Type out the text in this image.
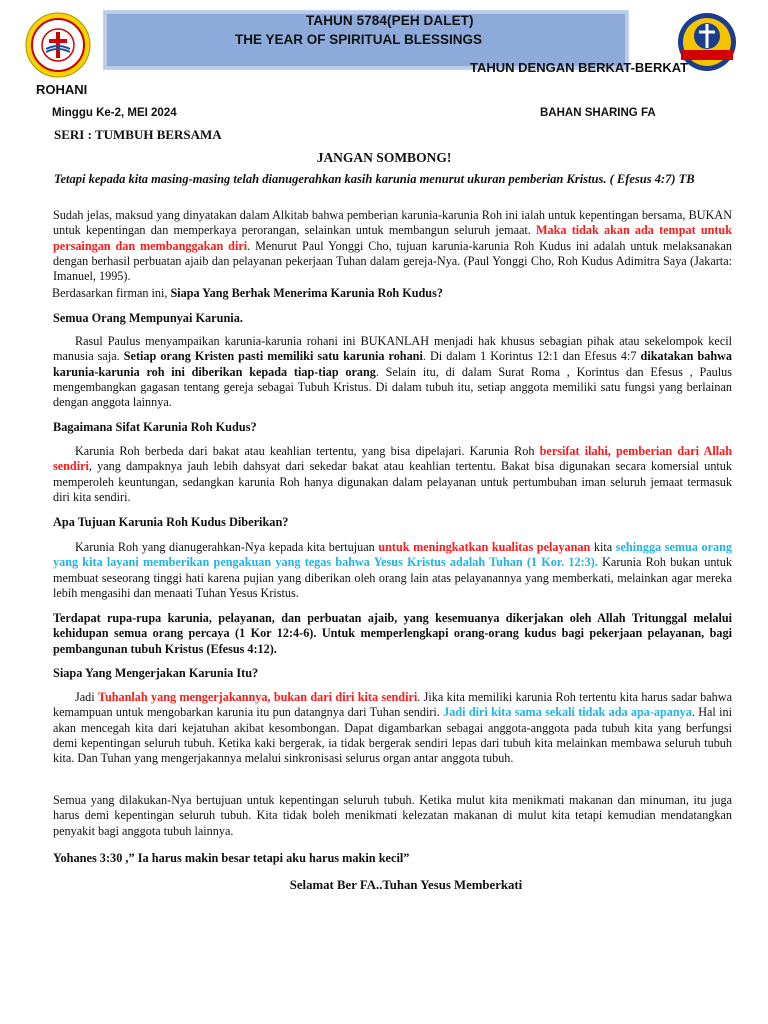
TAHUN 5784(PEH DALET)
THE YEAR OF SPIRITUAL BLESSINGS
TAHUN DENGAN BERKAT-BERKAT
ROHANI
Minggu Ke-2, MEI 2024	BAHAN SHARING FA
SERI : TUMBUH BERSAMA
JANGAN SOMBONG!
Tetapi kepada kita masing-masing telah dianugerahkan kasih karunia menurut ukuran pemberian Kristus. ( Efesus 4:7) TB
Sudah jelas, maksud yang dinyatakan dalam Alkitab bahwa pemberian karunia-karunia Roh ini ialah untuk kepentingan bersama, BUKAN untuk kepentingan dan memperkaya perorangan, selainkan untuk membangun seluruh jemaat. Maka tidak akan ada tempat untuk persaingan dan membanggakan diri. Menurut Paul Yonggi Cho, tujuan karunia-karunia Roh Kudus ini adalah untuk melaksanakan dengan berhasil perbuatan ajaib dan pelayanan pekerjaan Tuhan dalam gereja-Nya. (Paul Yonggi Cho, Roh Kudus Adimitra Saya (Jakarta: Imanuel, 1995).
Berdasarkan firman ini, Siapa Yang Berhak Menerima Karunia Roh Kudus?
Semua Orang Mempunyai Karunia.
Rasul Paulus menyampaikan karunia-karunia rohani ini BUKANLAH menjadi hak khusus sebagian pihak atau sekelompok kecil manusia saja. Setiap orang Kristen pasti memiliki satu karunia rohani. Di dalam 1 Korintus 12:1 dan Efesus 4:7 dikatakan bahwa karunia-karunia roh ini diberikan kepada tiap-tiap orang. Selain itu, di dalam Surat Roma , Korintus dan Efesus , Paulus mengembangkan gagasan tentang gereja sebagai Tubuh Kristus. Di dalam tubuh itu, setiap anggota memiliki satu fungsi yang berlainan dengan anggota lainnya.
Bagaimana Sifat Karunia Roh Kudus?
Karunia Roh berbeda dari bakat atau keahlian tertentu, yang bisa dipelajari. Karunia Roh bersifat ilahi, pemberian dari Allah sendiri, yang dampaknya jauh lebih dahsyat dari sekedar bakat atau keahlian tertentu. Bakat bisa digunakan secara komersial untuk memperoleh keuntungan, sedangkan karunia Roh hanya digunakan dalam pelayanan untuk pertumbuhan iman seluruh jemaat termasuk diri kita sendiri.
Apa Tujuan Karunia Roh Kudus Diberikan?
Karunia Roh yang dianugerahkan-Nya kepada kita bertujuan untuk meningkatkan kualitas pelayanan kita sehingga semua orang yang kita layani memberikan pengakuan yang tegas bahwa Yesus Kristus adalah Tuhan (1 Kor. 12:3). Karunia Roh bukan untuk membuat seseorang tinggi hati karena pujian yang diberikan oleh orang lain atas pelayanannya yang memberkati, melainkan agar mereka lebih mengasihi dan menaati Tuhan Yesus Kristus.
Terdapat rupa-rupa karunia, pelayanan, dan perbuatan ajaib, yang kesemuanya dikerjakan oleh Allah Tritunggal melalui kehidupan semua orang percaya (1 Kor 12:4-6). Untuk memperlengkapi orang-orang kudus bagi pekerjaan pelayanan, bagi pembangunan tubuh Kristus (Efesus 4:12).
Siapa Yang Mengerjakan Karunia Itu?
Jadi Tuhanlah yang mengerjakannya, bukan dari diri kita sendiri. Jika kita memiliki karunia Roh tertentu kita harus sadar bahwa kemampuan untuk mengobarkan karunia itu pun datangnya dari Tuhan sendiri. Jadi diri kita sama sekali tidak ada apa-apanya. Hal ini akan mencegah kita dari kejatuhan akibat kesombongan. Dapat digambarkan sebagai anggota-anggota pada tubuh kita yang berfungsi demi kepentingan seluruh tubuh. Ketika kaki bergerak, ia tidak bergerak sendiri lepas dari tubuh kita melainkan membawa seluruh tubuh kita. Dan Tuhan yang mengerjakannya melalui sinkronisasi selurus organ antar anggota tubuh.
Semua yang dilakukan-Nya bertujuan untuk kepentingan seluruh tubuh. Ketika mulut kita menikmati makanan dan minuman, itu juga harus demi kepentingan seluruh tubuh. Kita tidak boleh menikmati kelezatan makanan di mulut kita tetapi kemudian mendatangkan penyakit bagi anggota tubuh lainnya.
Yohanes 3:30 ,” Ia harus makin besar tetapi aku harus makin kecil”
Selamat Ber FA..Tuhan Yesus Memberkati
